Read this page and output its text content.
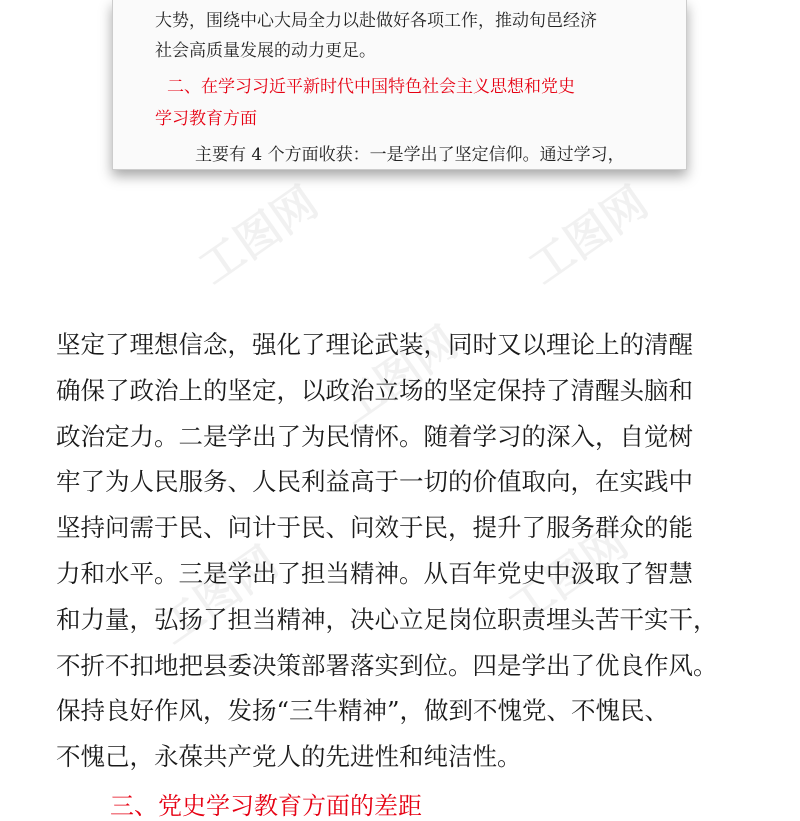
大势，围绕中心大局全力以赴做好各项工作，推动旬邑经济

社会高质量发展的动力更足。

二、在学习习近平新时代中国特色社会主义思想和党史

学习教育方面

主要有 4 个方面收获：一是学出了坚定信仰。通过学习，

坚定了理想信念，强化了理论武装，同时又以理论上的清醒
确保了政治上的坚定，以政治立场的坚定保持了清醒头脑和
政治定力。二是学出了为民情怀。随着学习的深入，自觉树
牢了为人民服务、人民利益高于一切的价值取向，在实践中
坚持问需于民、问计于民、问效于民，提升了服务群众的能
力和水平。三是学出了担当精神。从百年党史中汲取了智慧
和力量，弘扬了担当精神，决心立足岗位职责埋头苦干实干，
不折不扣地把县委决策部署落实到位。四是学出了优良作风。
保持良好作风，发扬“三牛精神”，做到不愧党、不愧民、
不愧己，永葆共产党人的先进性和纯洁性。

三、党史学习教育方面的差距

工图网	工图网
工图网
工图网	工图网
